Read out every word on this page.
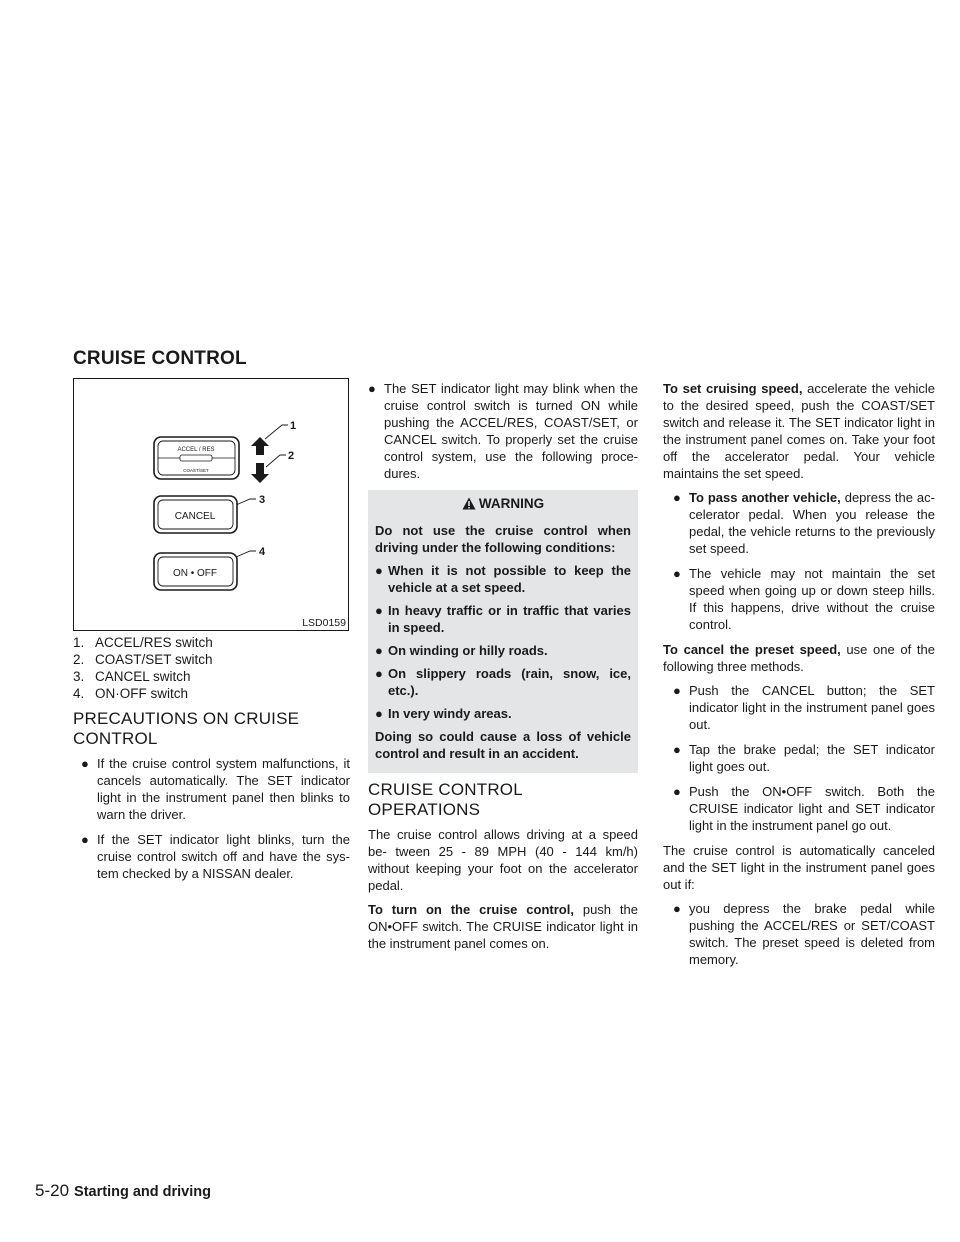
CRUISE CONTROL
ACCEL / RES
COAST/SET
1
2
3
4
CANCEL
ON • OFF
LSD0159
1. ACCEL/RES switch
2. COAST/SET switch
3. CANCEL switch
4. ON·OFF switch
PRECAUTIONS ON CRUISE CONTROL
● If the cruise control system malfunctions, it cancels automatically. The SET indicator light in the instrument panel then blinks to warn the driver.
● If the SET indicator light blinks, turn the cruise control switch off and have the sys- tem checked by a NISSAN dealer.
● The SET indicator light may blink when the cruise control switch is turned ON while pushing the ACCEL/RES, COAST/SET, or CANCEL switch. To properly set the cruise control system, use the following proce- dures.
WARNING

Do not use the cruise control when driving under the following conditions:

● When it is not possible to keep the vehicle at a set speed.
● In heavy traffic or in traffic that varies in speed.
● On winding or hilly roads.
● On slippery roads (rain, snow, ice, etc.).
● In very windy areas.

Doing so could cause a loss of vehicle control and result in an accident.

CRUISE CONTROL OPERATIONS

The cruise control allows driving at a speed be- tween 25 - 89 MPH (40 - 144 km/h) without keeping your foot on the accelerator pedal.

To turn on the cruise control, push the ON•OFF switch. The CRUISE indicator light in the instrument panel comes on.

To set cruising speed, accelerate the vehicle to the desired speed, push the COAST/SET switch and release it. The SET indicator light in the instrument panel comes on. Take your foot off the accelerator pedal. Your vehicle maintains the set speed.

● To pass another vehicle, depress the ac- celerator pedal. When you release the pedal, the vehicle returns to the previously set speed.
● The vehicle may not maintain the set speed when going up or down steep hills. If this happens, drive without the cruise control.

To cancel the preset speed, use one of the following three methods.

● Push the CANCEL button; the SET indicator light in the instrument panel goes out.
● Tap the brake pedal; the SET indicator light goes out.
● Push the ON•OFF switch. Both the CRUISE indicator light and SET indicator light in the instrument panel go out.

The cruise control is automatically canceled and the SET light in the instrument panel goes out if:

● you depress the brake pedal while pushing the ACCEL/RES or SET/COAST switch. The preset speed is deleted from memory.
5-20 Starting and driving
